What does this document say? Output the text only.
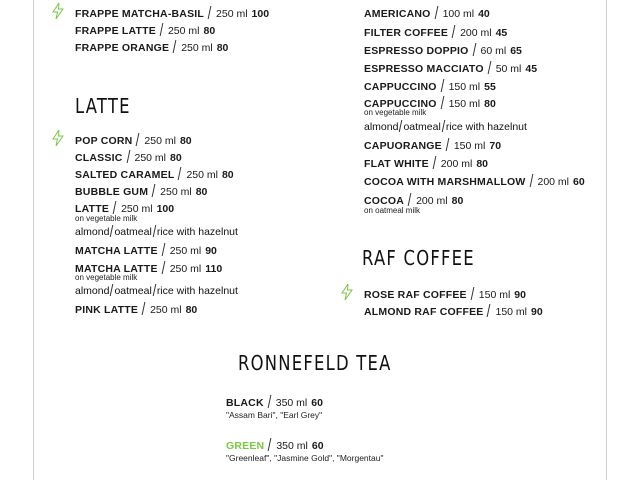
FRAPPE MATCHA-BASIL 250 ml 100
FRAPPE LATTE 250 ml 80
FRAPPE ORANGE 250 ml 80
LATTE
POP CORN 250 ml 80
CLASSIC 250 ml 80
SALTED CARAMEL 250 ml 80
BUBBLE GUM 250 ml 80
LATTE 250 ml 100
on vegetable milk
almond oatmeal rice with hazelnut
MATCHA LATTE 250 ml 90
MATCHA LATTE 250 ml 110
on vegetable milk
almond oatmeal rice with hazelnut
PINK LATTE 250 ml 80
AMERICANO 100 ml 40
FILTER COFFEE 200 ml 45
ESPRESSO DOPPIO 60 ml 65
ESPRESSO MACCIATO 50 ml 45
CAPPUCCINO 150 ml 55
CAPPUCCINO 150 ml 80
on vegetable milk
almond oatmeal rice with hazelnut
CAPUORANGE 150 ml 70
FLAT WHITE 200 ml 80
COCOA WITH MARSHMALLOW 200 ml 60
COCOA 200 ml 80
on oatmeal milk
RAF COFFEE
ROSE RAF COFFEE 150 ml 90
ALMOND RAF COFFEE 150 ml 90
RONNEFELD TEA
BLACK 350 ml 60
"Assam Bari", "Earl Grey"
GREEN 350 ml 60
"Greenleaf", "Jasmine Gold", "Morgentau"
